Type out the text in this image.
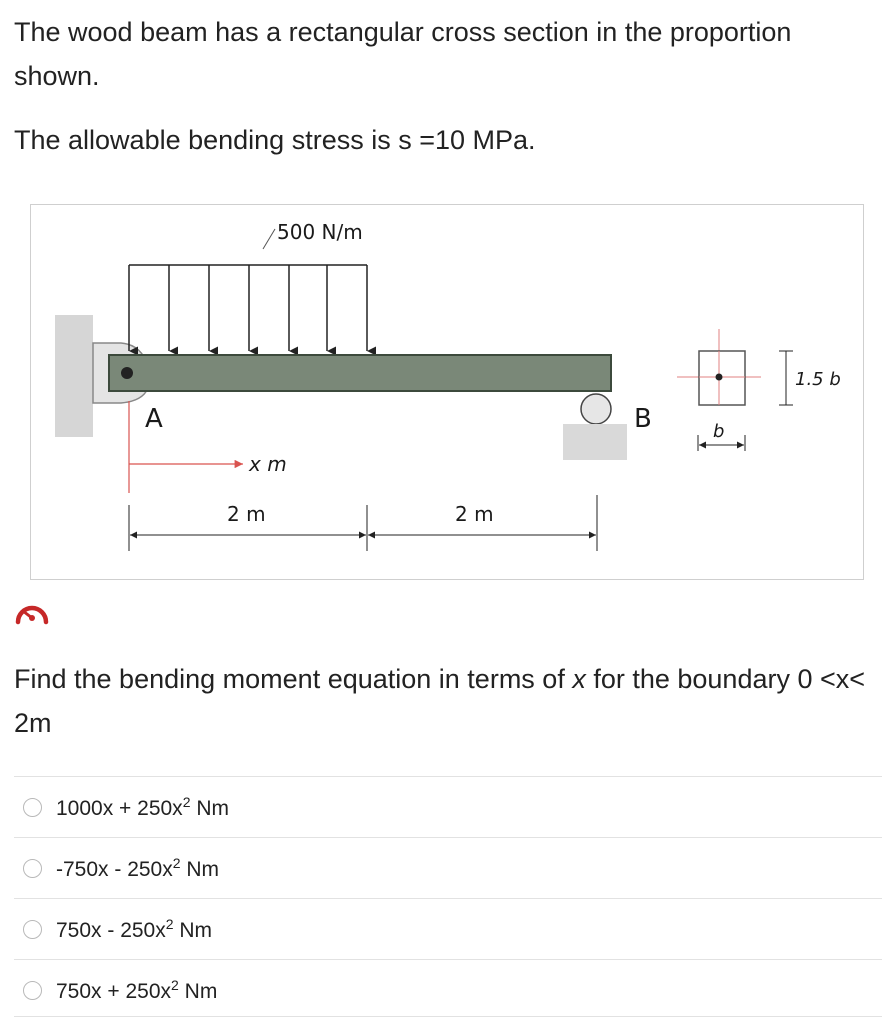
The wood beam has a rectangular cross section in the proportion shown.

The allowable bending stress is s =10 MPa.

500 N/m
A	B
x m
2 m	2 m
1.5 b
b

Find the bending moment equation in terms of x for the boundary 0 <x< 2m

$1000x + 250x^2$ Nm
$-750x - 250x^2$ Nm
$750x - 250x^2$ Nm
$750x + 250x^2$ Nm
